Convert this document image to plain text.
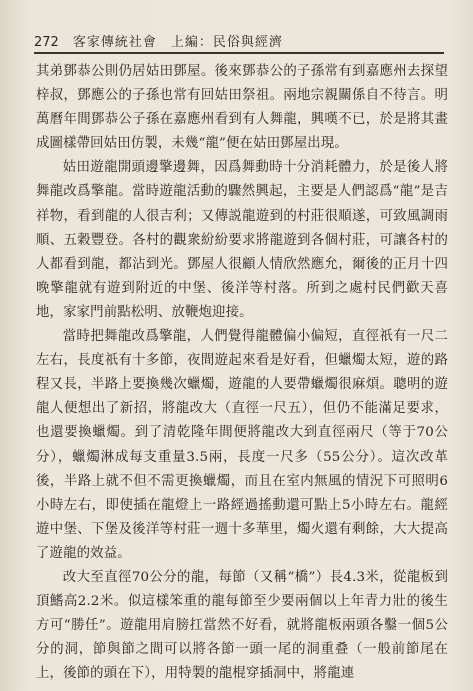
272 客家傳統社會　上編：民俗與經濟

其弟鄧恭公則仍居姑田鄧屋。後來鄧恭公的子孫常有到嘉應州去探望梓叔，鄧應公的子孫也常有回姑田祭祖。兩地宗親關係自不待言。明萬曆年間鄧恭公子孫在嘉應州看到有人舞龍，興嘆不已，於是將其畫成圖樣帶回姑田仿製，未幾“龍”便在姑田鄧屋出現。

姑田遊龍開頭邊擎邊舞，因爲舞動時十分消耗體力，於是後人將舞龍改爲擎龍。當時遊龍活動的驟然興起，主要是人們認爲“龍”是吉祥物，看到龍的人很吉利；又傳説龍遊到的村莊很順遂，可致風調雨順、五穀豐登。各村的觀衆紛紛要求將龍遊到各個村莊，可讓各村的人都看到龍，都沾到光。鄧屋人很顧人情欣然應允，爾後的正月十四晚擎龍就有遊到附近的中堡、後洋等村落。所到之處村民們歡天喜地，家家門前點松明、放鞭炮迎接。

當時把舞龍改爲擎龍，人們覺得龍體偏小偏短，直徑祇有一尺二左右，長度祇有十多節，夜間遊起來看是好看，但蠟燭太短，遊的路程又長，半路上要換幾次蠟燭，遊龍的人要帶蠟燭很麻煩。聰明的遊龍人便想出了新招，將龍改大（直徑一尺五），但仍不能滿足要求，也還要換蠟燭。到了清乾隆年間便將龍改大到直徑兩尺（等于70公分），蠟燭淋成每支重量3.5兩，長度一尺多（55公分）。這次改革後，半路上就不但不需更換蠟燭，而且在室内無風的情況下可照明6小時左右，即使插在龍燈上一路經過搖動還可點上5小時左右。龍經遊中堡、下堡及後洋等村莊一週十多華里，燭火還有剩餘，大大提高了遊龍的效益。

改大至直徑70公分的龍，每節（又稱“橋”）長4.3米，從龍板到頂鰭高2.2米。似這樣笨重的龍每節至少要兩個以上年青力壯的後生方可“勝任”。遊龍用肩膀扛當然不好看，就將龍板兩頭各鑿一個5公分的洞，節與節之間可以將各節一頭一尾的洞重叠（一般前節尾在上，後節的頭在下），用特製的龍棍穿插洞中，將龍連
